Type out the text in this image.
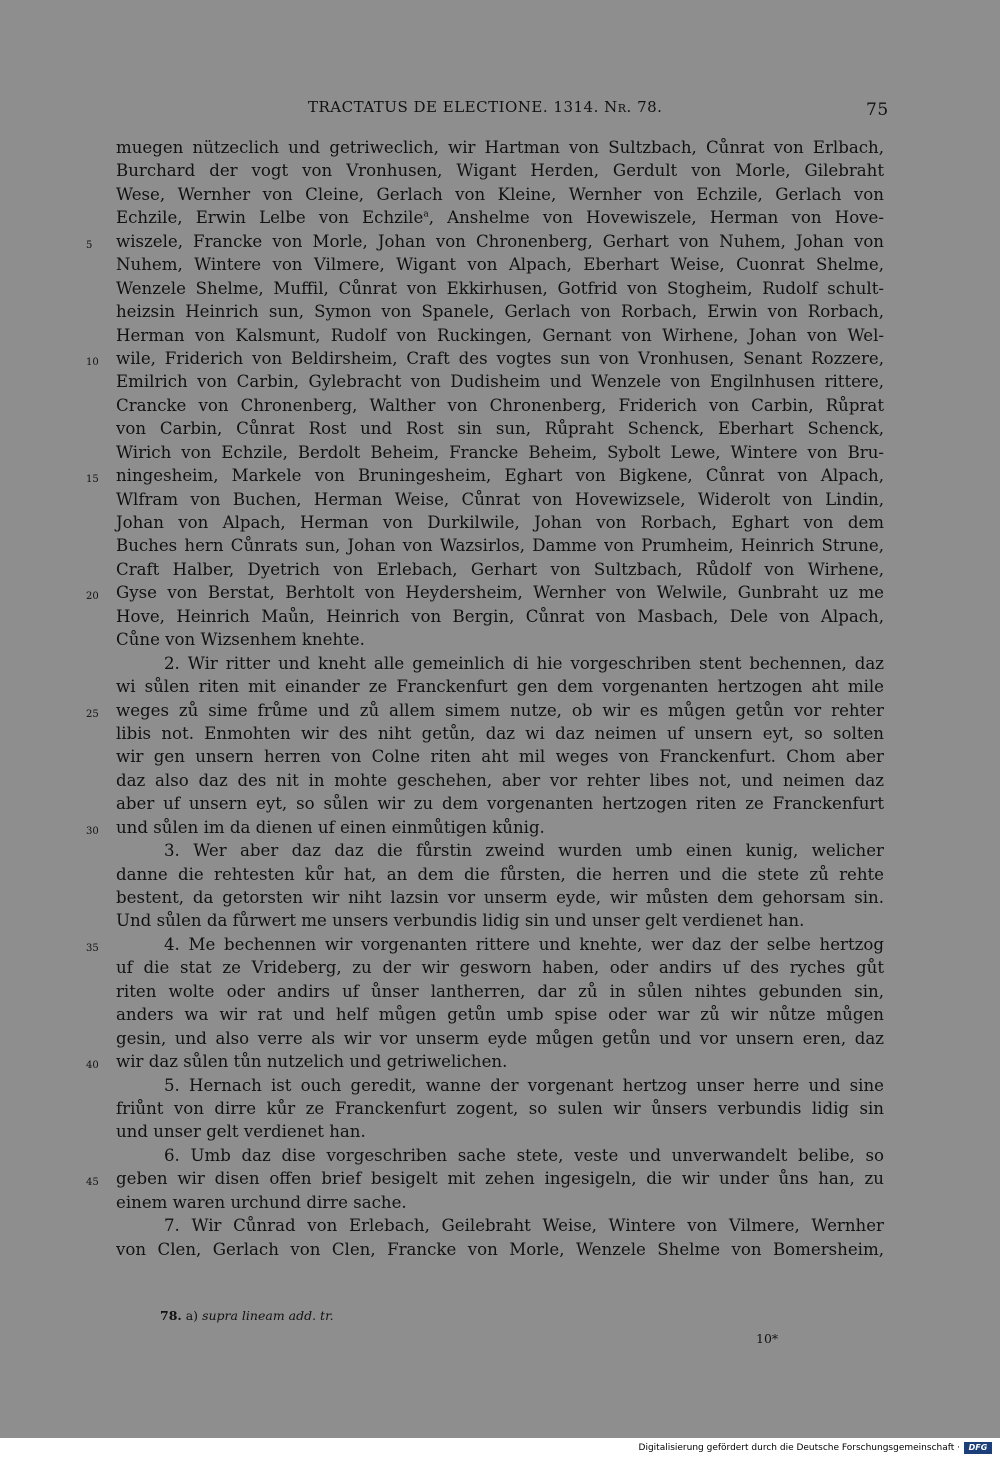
TRACTATUS DE ELECTIONE. 1314. Nr. 78.	75
muegen nützeclich und getriweclich, wir Hartman von Sultzbach, Cůnrat von Erlbach,
Burchard der vogt von Vronhusen, Wigant Herden, Gerdult von Morle, Gilebraht
Wese, Wernher von Cleine, Gerlach von Kleine, Wernher von Echzile, Gerlach von
Echzile, Erwin Lelbe von Echzile$^a$, Anshelme von Hovewiszele, Herman von Hove-
5	wiszele, Francke von Morle, Johan von Chronenberg, Gerhart von Nuhem, Johan von
Nuhem, Wintere von Vilmere, Wigant von Alpach, Eberhart Weise, Cuonrat Shelme,
Wenzele Shelme, Muffil, Cůnrat von Ekkirhusen, Gotfrid von Stogheim, Rudolf schult-
heizsin Heinrich sun, Symon von Spanele, Gerlach von Rorbach, Erwin von Rorbach,
Herman von Kalsmunt, Rudolf von Ruckingen, Gernant von Wirhene, Johan von Wel-
10	wile, Friderich von Beldirsheim, Craft des vogtes sun von Vronhusen, Senant Rozzere,
Emilrich von Carbin, Gylebracht von Dudisheim und Wenzele von Engilnhusen rittere,
Crancke von Chronenberg, Walther von Chronenberg, Friderich von Carbin, Růprat
von Carbin, Cůnrat Rost und Rost sin sun, Růpraht Schenck, Eberhart Schenck,
Wirich von Echzile, Berdolt Beheim, Francke Beheim, Sybolt Lewe, Wintere von Bru-
15	ningesheim, Markele von Bruningesheim, Eghart von Bigkene, Cůnrat von Alpach,
Wlfram von Buchen, Herman Weise, Cůnrat von Hovewizsele, Widerolt von Lindin,
Johan von Alpach, Herman von Durkilwile, Johan von Rorbach, Eghart von dem
Buches hern Cůnrats sun, Johan von Wazsirlos, Damme von Prumheim, Heinrich Strune,
Craft Halber, Dyetrich von Erlebach, Gerhart von Sultzbach, Růdolf von Wirhene,
20	Gyse von Berstat, Berhtolt von Heydersheim, Wernher von Welwile, Gunbraht uz me
Hove, Heinrich Maůn, Heinrich von Bergin, Cůnrat von Masbach, Dele von Alpach,
Cůne von Wizsenhem knehte.
2. Wir ritter und kneht alle gemeinlich di hie vorgeschriben stent bechennen, daz
wi sůlen riten mit einander ze Franckenfurt gen dem vorgenanten hertzogen aht mile
25	weges zů sime frůme und zů allem simem nutze, ob wir es můgen getůn vor rehter
libis not. Enmohten wir des niht getůn, daz wi daz neimen uf unsern eyt, so solten
wir gen unsern herren von Colne riten aht mil weges von Franckenfurt. Chom aber
daz also daz des nit in mohte geschehen, aber vor rehter libes not, und neimen daz
aber uf unsern eyt, so sůlen wir zu dem vorgenanten hertzogen riten ze Franckenfurt
30	und sůlen im da dienen uf einen einmůtigen kůnig.
3. Wer aber daz daz die fůrstin zweind wurden umb einen kunig, welicher
danne die rehtesten kůr hat, an dem die fůrsten, die herren und die stete zů rehte
bestent, da getorsten wir niht lazsin vor unserm eyde, wir můsten dem gehorsam sin.
Und sůlen da fůrwert me unsers verbundis lidig sin und unser gelt verdienet han.
35	4. Me bechennen wir vorgenanten rittere und knehte, wer daz der selbe hertzog
uf die stat ze Vrideberg, zu der wir gesworn haben, oder andirs uf des ryches gůt
riten wolte oder andirs uf ůnser lantherren, dar zů in sůlen nihtes gebunden sin,
anders wa wir rat und helf můgen getůn umb spise oder war zů wir nůtze můgen
gesin, und also verre als wir vor unserm eyde můgen getůn und vor unsern eren, daz
40	wir daz sůlen tůn nutzelich und getriwelichen.
5. Hernach ist ouch geredit, wanne der vorgenant hertzog unser herre und sine
friůnt von dirre kůr ze Franckenfurt zogent, so sulen wir ůnsers verbundis lidig sin
und unser gelt verdienet han.
6. Umb daz dise vorgeschriben sache stete, veste und unverwandelt belibe, so
45	geben wir disen offen brief besigelt mit zehen ingesigeln, die wir under ůns han, zu
einem waren urchund dirre sache.
7. Wir Cůnrad von Erlebach, Geilebraht Weise, Wintere von Vilmere, Wernher
von Clen, Gerlach von Clen, Francke von Morle, Wenzele Shelme von Bomersheim,
78. a) supra lineam add. tr.
10*
Digitalisierung gefördert durch die Deutsche Forschungsgemeinschaft ·	DFG
